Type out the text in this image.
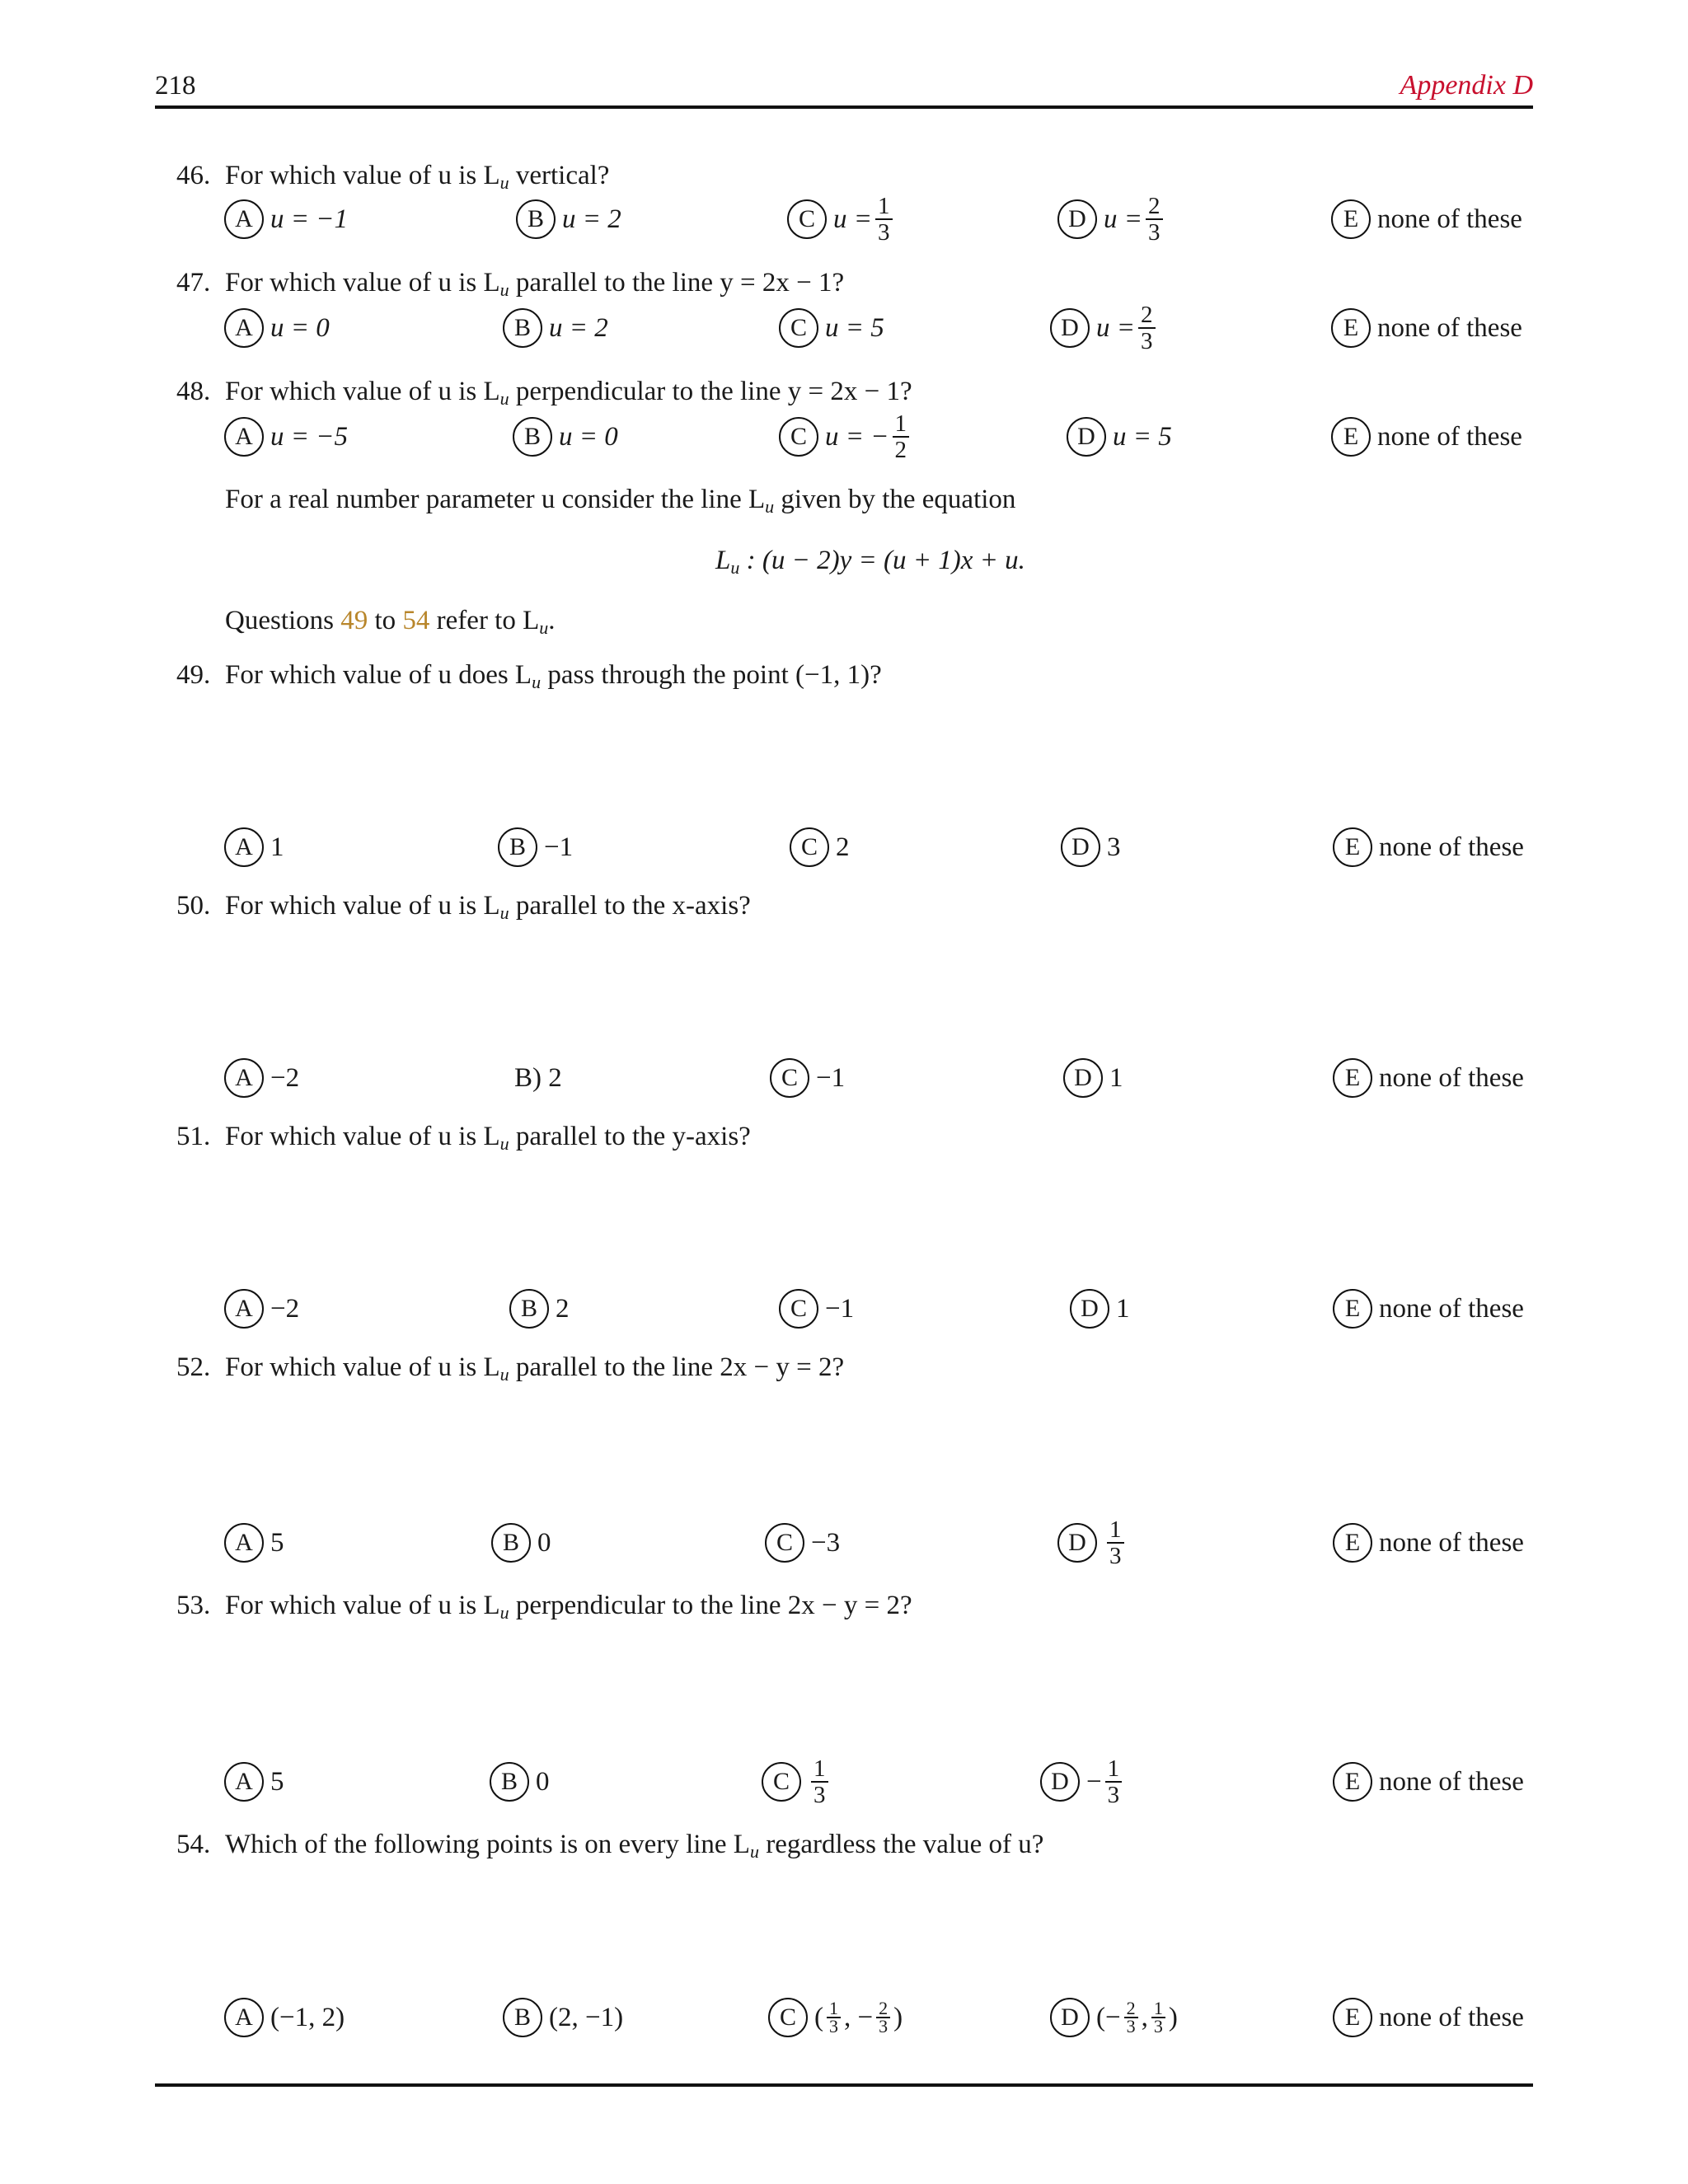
218	Appendix D
46. For which value of u is $L_u$ vertical?
A u = −1	B u = 2	C $u = \frac{1}{3}$	D $u = \frac{2}{3}$	E none of these
47. For which value of u is $L_u$ parallel to the line y = 2x − 1?
A u = 0	B u = 2	C u = 5	D $u = \frac{2}{3}$	E none of these
48. For which value of u is $L_u$ perpendicular to the line y = 2x − 1?
A u = −5	B u = 0	C u = − $\frac{1}{2}$	D u = 5	E none of these
For a real number parameter u consider the line $L_u$ given by the equation
$L_u$ : (u − 2)y = (u + 1)x + u.
Questions 49 to 54 refer to $L_u$.
49. For which value of u does $L_u$ pass through the point (−1, 1)?
A 1	B −1	C 2	D 3	E none of these
50. For which value of u is $L_u$ parallel to the x-axis?
A −2	B) 2	C −1	D 1	E none of these
51. For which value of u is $L_u$ parallel to the y-axis?
A −2	B 2	C −1	D 1	E none of these
52. For which value of u is $L_u$ parallel to the line 2x − y = 2?
A 5	B 0	C −3	D $\frac{1}{3}$	E none of these
53. For which value of u is $L_u$ perpendicular to the line 2x − y = 2?
A 5	B 0	C $\frac{1}{3}$	$D - \frac{1}{3}$	E none of these
54. Which of the following points is on every line $L_u$ regardless the value of u?
A (−1, 2)	B (2, −1)	C ( $\frac{1}{3}$ , − $\frac{2}{3}$ )	D (− $\frac{2}{3}$ , $\frac{1}{3}$ )	E none of these
